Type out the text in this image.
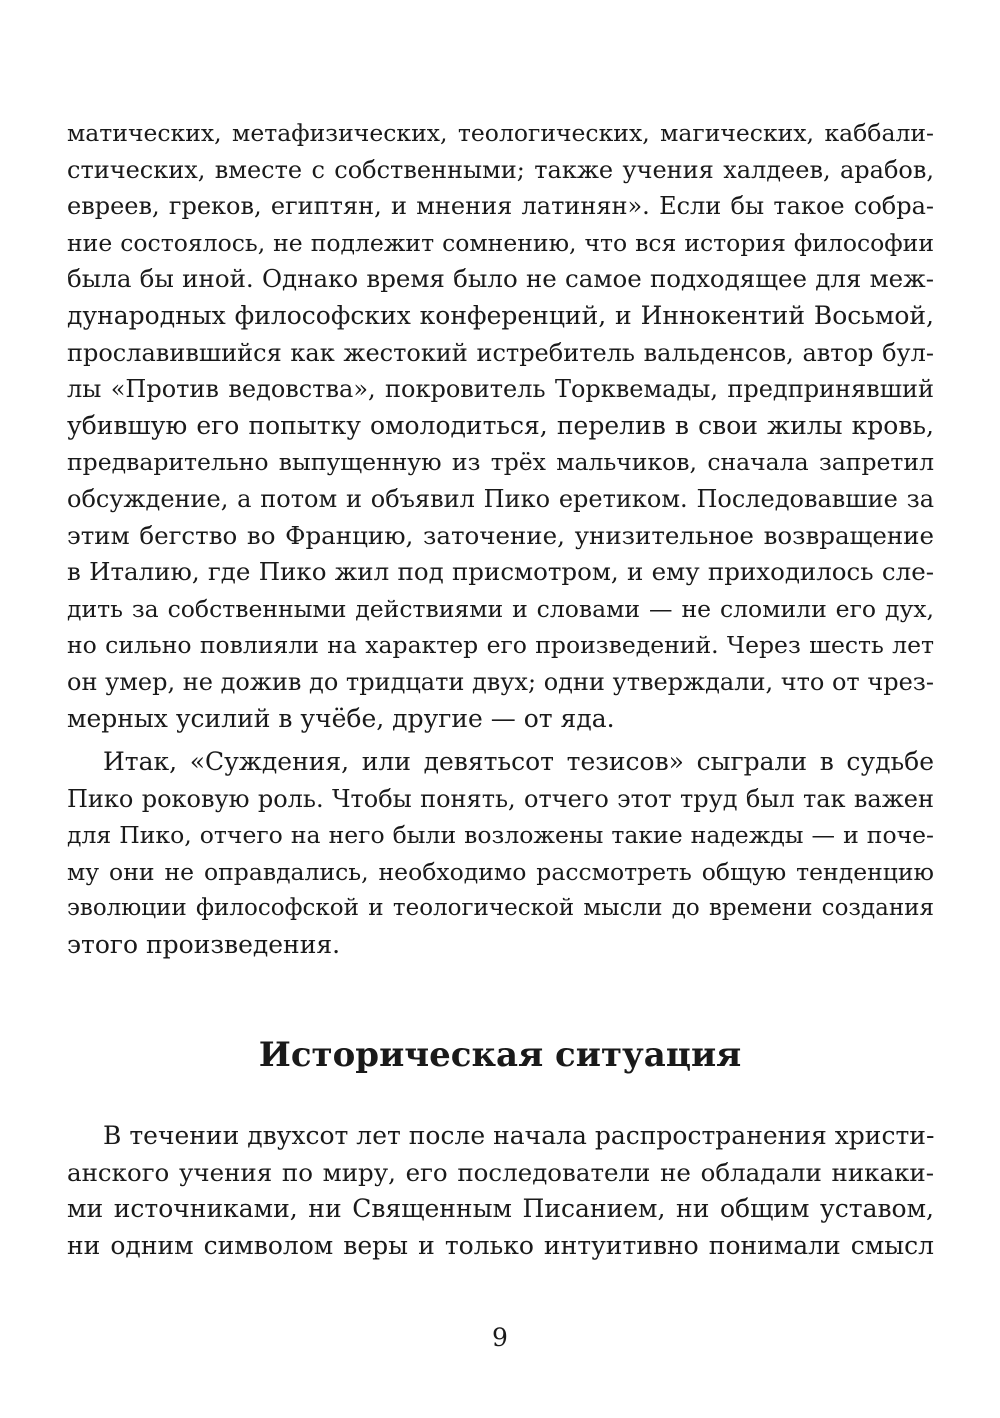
матических, метафизических, теологических, магических, каббали-
стических, вместе с собственными; также учения халдеев, арабов,
евреев, греков, египтян, и мнения латинян». Если бы такое собра-
ние состоялось, не подлежит сомнению, что вся история философии
была бы иной. Однако время было не самое подходящее для меж-
дународных философских конференций, и Иннокентий Восьмой,
прославившийся как жестокий истребитель вальденсов, автор бул-
лы «Против ведовства», покровитель Торквемады, предпринявший
убившую его попытку омолодиться, перелив в свои жилы кровь,
предварительно выпущенную из трёх мальчиков, сначала запретил
обсуждение, а потом и объявил Пико еретиком. Последовавшие за
этим бегство во Францию, заточение, унизительное возвращение
в Италию, где Пико жил под присмотром, и ему приходилось сле-
дить за собственными действиями и словами — не сломили его дух,
но сильно повлияли на характер его произведений. Через шесть лет
он умер, не дожив до тридцати двух; одни утверждали, что от чрез-
мерных усилий в учёбе, другие — от яда.
Итак, «Суждения, или девятьсот тезисов» сыграли в судьбе
Пико роковую роль. Чтобы понять, отчего этот труд был так важен
для Пико, отчего на него были возложены такие надежды — и поче-
му они не оправдались, необходимо рассмотреть общую тенденцию
эволюции философской и теологической мысли до времени создания
этого произведения.
Историческая ситуация
В течении двухсот лет после начала распространения христи-
анского учения по миру, его последователи не обладали никаки-
ми источниками, ни Священным Писанием, ни общим уставом,
ни одним символом веры и только интуитивно понимали смысл
9
